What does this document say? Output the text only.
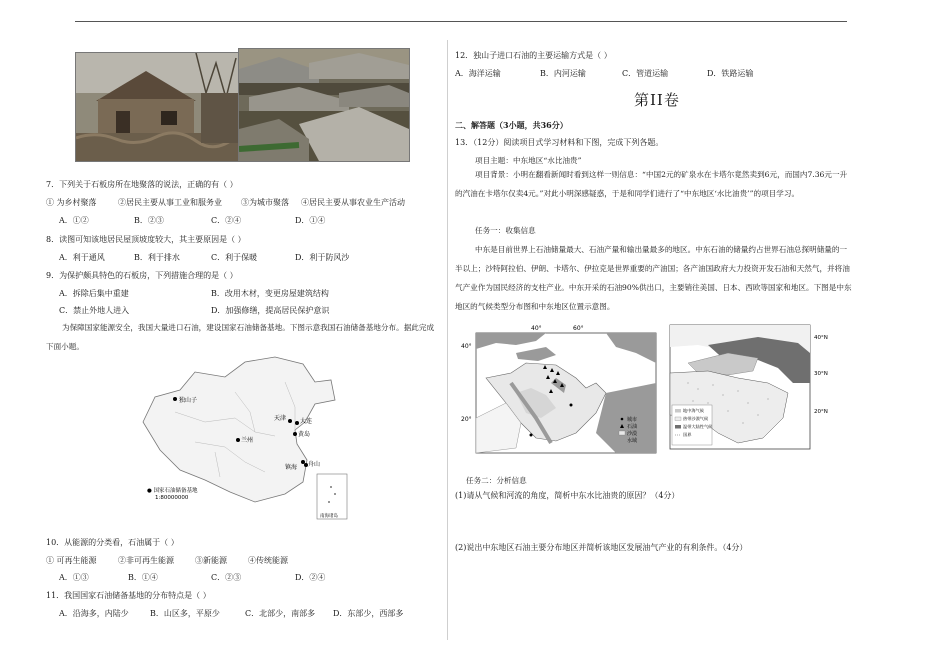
7．下列关于石板房所在地聚落的说法，正确的有（ ）
① 为乡村聚落	②居民主要从事工业和服务业 ③为城市聚落 ④居民主要从事农业生产活动
A．①②	B．②③	C．②④	D．①④
8．读图可知该地居民屋顶坡度较大，其主要原因是（ ）
A．利于通风	B．利于排水	C．利于保暖	D．利于防风沙
9．为保护颇具特色的石板房，下列措施合理的是（ ）
A．拆除后集中重建	B．改用木材，变更房屋建筑结构
C．禁止外地人进入	D．加强修缮，提高居民保护意识
为保障国家能源安全，我国大量进口石油，建设国家石油储备基地。下图示意我国石油储备基地分布。据此完成下面小题。
独山子
天津 大连
兰州
黄岛
镇海 舟山
● 国家石油储备基地
1:80000000
南海诸岛
10．从能源的分类看，石油属于（ ）
① 可再生能源	②非可再生能源	③新能源	④传统能源
A．①③	B．①④	C．②③	D．②④
11．我国国家石油储备基地的分布特点是（ ）
A．沿海多，内陆少	B．山区多，平原少	C．北部少，南部多 D．东部少，西部多
12．独山子进口石油的主要运输方式是（ ）
A．海洋运输	B．内河运输	C．管道运输	D．铁路运输
第II卷
二、解答题（3小题，共36分）
13．（12分）阅读项目式学习材料和下图，完成下列各题。
项目主题：中东地区“水比油贵”
项目背景：小明在翻看新闻时看到这样一则信息：“中国2元的矿泉水在卡塔尔竟然卖到6元，而国内7.36元一升的汽油在卡塔尔仅卖4元。”对此小明深感疑惑，于是和同学们进行了“中东地区‘水比油贵’”的项目学习。
任务一：收集信息
中东是目前世界上石油储量最大、石油产量和输出量最多的地区。中东石油的储量约占世界石油总探明储量的一半以上；沙特阿拉伯、伊朗、卡塔尔、伊拉克是世界重要的产油国；各产油国政府大力投资开发石油和天然气，并将油气产业作为国民经济的支柱产业。中东开采的石油90%供出口，主要销往美国、日本、西欧等国家和地区。下图是中东地区的气候类型分布图和中东地区位置示意图。
40°	60°
40°
20°	城市
石油
沙漠
水域
地中海气候
热带沙漠气候
温带大陆性气候
国界
40°N
30°N
20°N
任务二：分析信息
(1)请从气候和河流的角度，简析中东水比油贵的原因？（4分）
(2)说出中东地区石油主要分布地区并简析该地区发展油气产业的有利条件。（4分）
